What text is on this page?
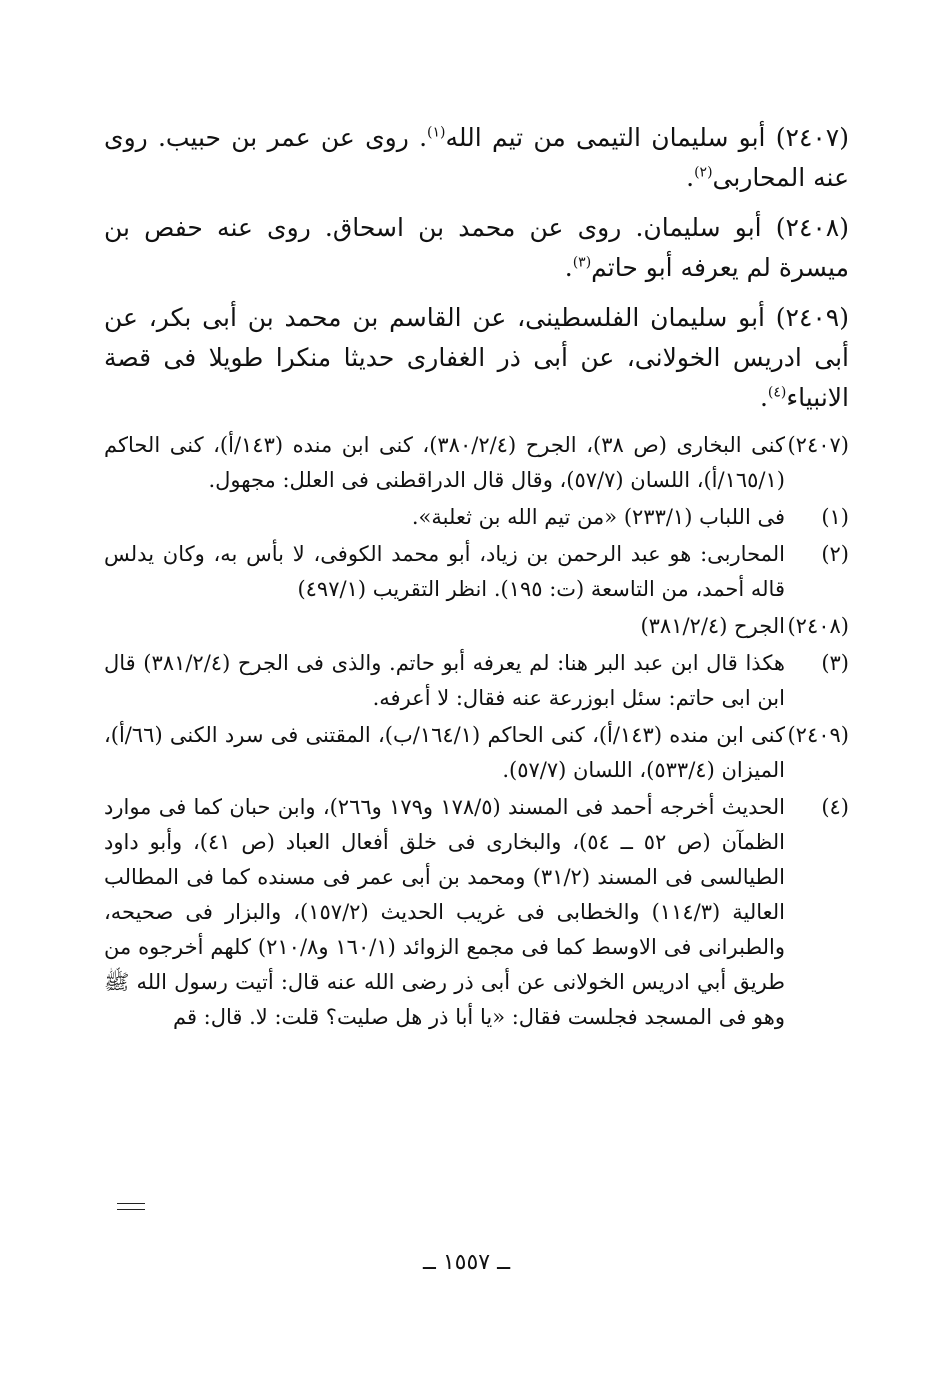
(٢٤٠٧) أبو سليمان التيمى من تيم الله$^{(١)}$. روى عن عمر بن حبيب. روى عنه المحاربى$^{(٢)}$.

(٢٤٠٨) أبو سليمان. روى عن محمد بن اسحاق. روى عنه حفص بن ميسرة لم يعرفه أبو حاتم$^{(٣)}$.

(٢٤٠٩) أبو سليمان الفلسطينى، عن القاسم بن محمد بن أبى بكر، عن أبى ادريس الخولانى، عن أبى ذر الغفارى حديثا منكرا طويلا فى قصة الانبياء$^{(٤)}$.

(٢٤٠٧)
كنى البخارى (ص ٣٨)، الجرح (٣٨٠/٢/٤)، كنى ابن منده (١٤٣/أ)، كنى الحاكم (١٦٥/١/أ)، اللسان (٥٧/٧)، وقال قال الدراقطنى فى العلل: مجهول.
(١)
فى اللباب (٢٣٣/١) «من تيم الله بن ثعلبة».
(٢)
المحاربى: هو عبد الرحمن بن زياد، أبو محمد الكوفى، لا بأس به، وكان يدلس قاله أحمد، من التاسعة (ت: ١٩٥). انظر التقريب (٤٩٧/١)
(٢٤٠٨)
الجرح (٣٨١/٢/٤)
(٣)
هكذا قال ابن عبد البر هنا: لم يعرفه أبو حاتم. والذى فى الجرح (٣٨١/٢/٤) قال ابن ابى حاتم: سئل ابوزرعة عنه فقال: لا أعرفه.
(٢٤٠٩)
كنى ابن منده (١٤٣/أ)، كنى الحاكم (١٦٤/١/ب)، المقتنى فى سرد الكنى (٦٦/أ)، الميزان (٥٣٣/٤)، اللسان (٥٧/٧).
(٤)
الحديث أخرجه أحمد فى المسند (١٧٨/٥ و١٧٩ و٢٦٦)، وابن حبان كما فى موارد الظمآن (ص ٥٢ ــ ٥٤)، والبخارى فى خلق أفعال العباد (ص ٤١)، وأبو داود الطيالسى فى المسند (٣١/٢) ومحمد بن أبى عمر فى مسنده كما فى المطالب العالية (١١٤/٣) والخطابى فى غريب الحديث (١٥٧/٢)، والبزار فى صحيحه، والطبرانى فى الاوسط كما فى مجمع الزوائد (١٦٠/١ و٢١٠/٨) كلهم أخرجوه من طريق أبي ادريس الخولانى عن أبى ذر رضى الله عنه قال: أتيت رسول الله ﷺ وهو فى المسجد فجلست فقال: «يا أبا ذر هل صليت؟ قلت: لا. قال: قم
ــ ١٥٥٧ ــ
